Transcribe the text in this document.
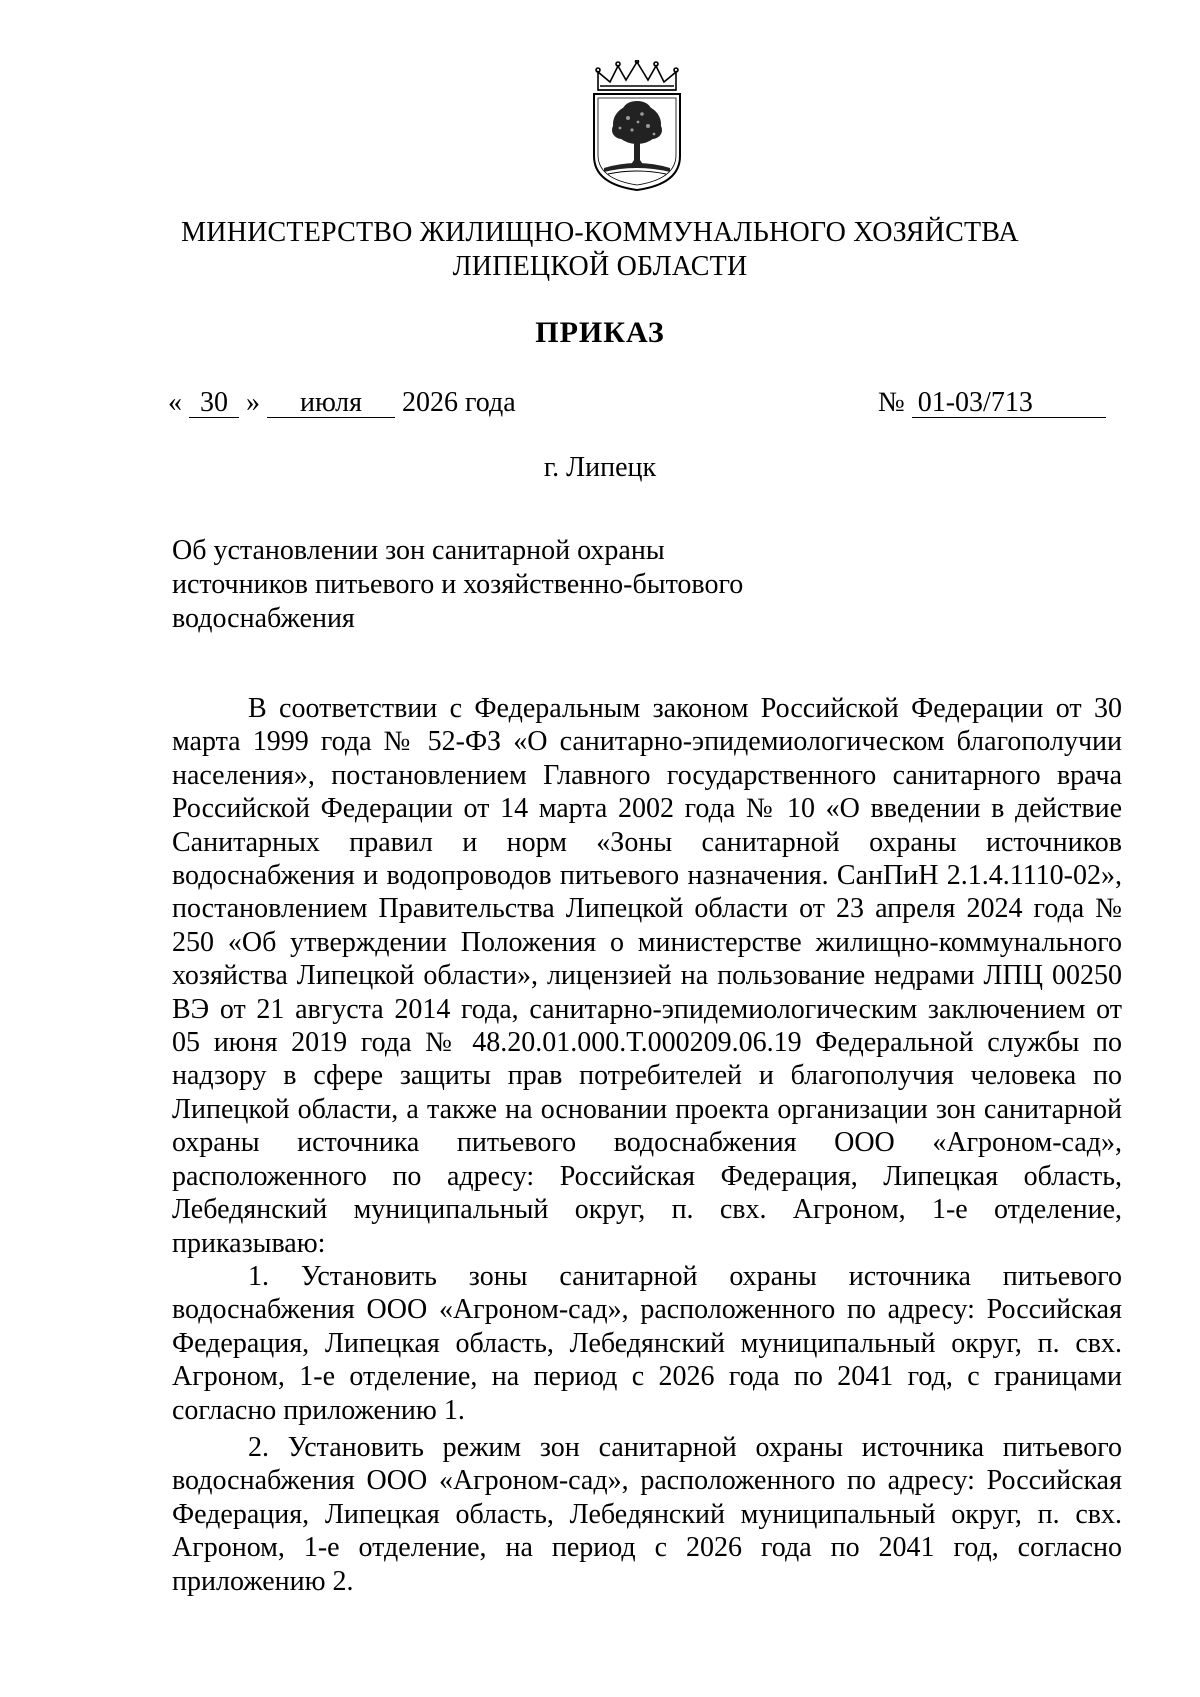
МИНИСТЕРСТВО ЖИЛИЩНО-КОММУНАЛЬНОГО ХОЗЯЙСТВА
ЛИПЕЦКОЙ ОБЛАСТИ
ПРИКАЗ
« 30 » июля 2026 года	№ 01-03/713
г. Липецк
Об установлении зон санитарной охраны источников питьевого и хозяйственно-бытового водоснабжения

В соответствии с Федеральным законом Российской Федерации от 30 марта 1999 года № 52-ФЗ «О санитарно-эпидемиологическом благополучии населения», постановлением Главного государственного санитарного врача Российской Федерации от 14 марта 2002 года № 10 «О введении в действие Санитарных правил и норм «Зоны санитарной охраны источников водоснабжения и водопроводов питьевого назначения. СанПиН 2.1.4.1110-02», постановлением Правительства Липецкой области от 23 апреля 2024 года № 250 «Об утверждении Положения о министерстве жилищно-коммунального хозяйства Липецкой области», лицензией на пользование недрами ЛПЦ 00250 ВЭ от 21 августа 2014 года, санитарно-эпидемиологическим заключением от 05 июня 2019 года № 48.20.01.000.Т.000209.06.19 Федеральной службы по надзору в сфере защиты прав потребителей и благополучия человека по Липецкой области, а также на основании проекта организации зон санитарной охраны источника питьевого водоснабжения ООО «Агроном-сад», расположенного по адресу: Российская Федерация, Липецкая область, Лебедянский муниципальный округ, п. свх. Агроном, 1-е отделение, приказываю:

1. Установить зоны санитарной охраны источника питьевого водоснабжения ООО «Агроном-сад», расположенного по адресу: Российская Федерация, Липецкая область, Лебедянский муниципальный округ, п. свх. Агроном, 1-е отделение, на период с 2026 года по 2041 год, с границами согласно приложению 1.

2. Установить режим зон санитарной охраны источника питьевого водоснабжения ООО «Агроном-сад», расположенного по адресу: Российская Федерация, Липецкая область, Лебедянский муниципальный округ, п. свх. Агроном, 1-е отделение, на период с 2026 года по 2041 год, согласно приложению 2.
